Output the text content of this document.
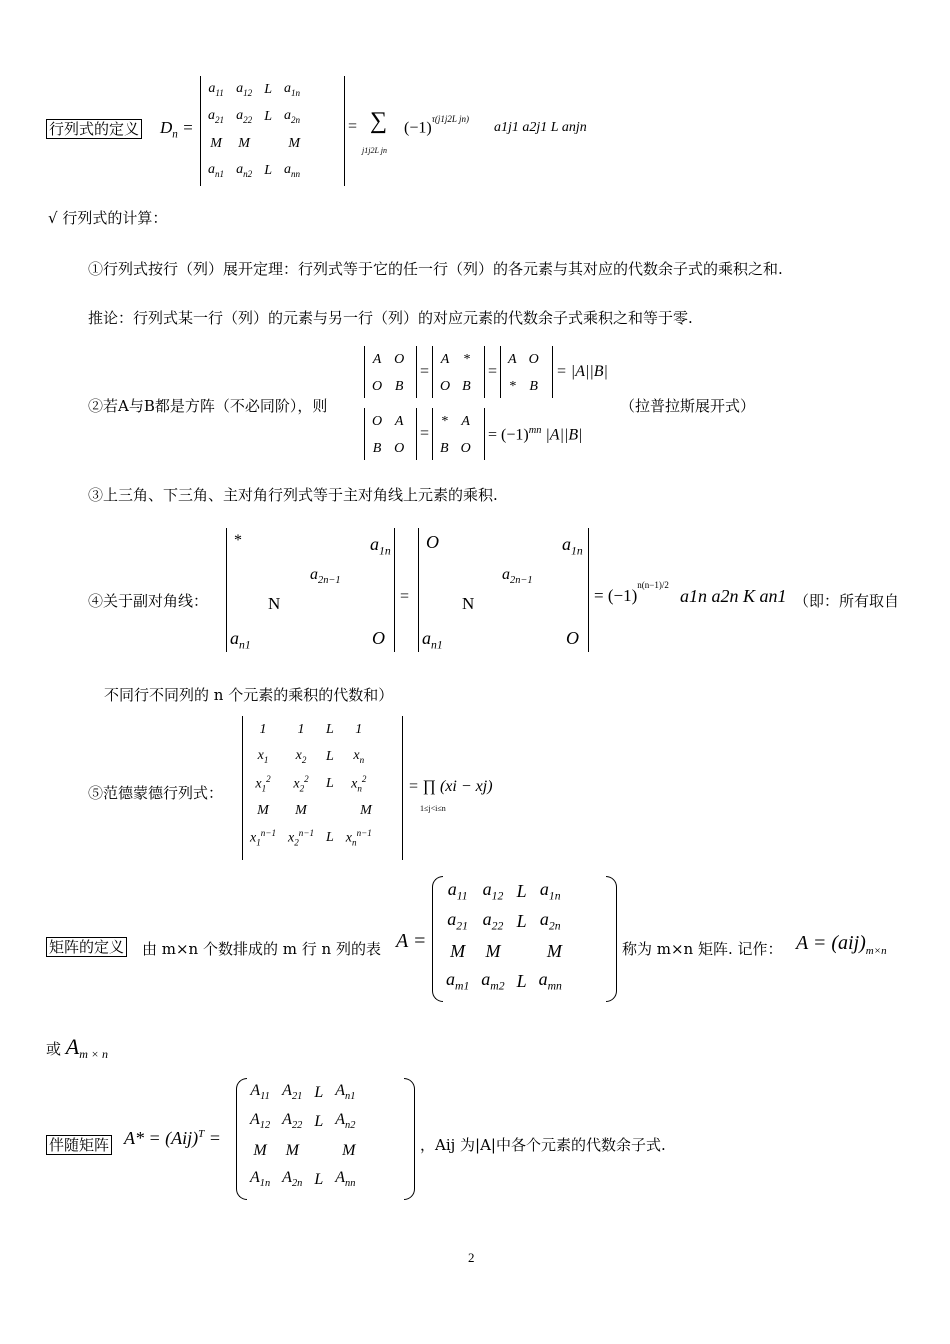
行列式的定义 $D_n$ =
$a_{11}$	$a_{12}$	L	$a_{1n}$
$a_{21}$	$a_{22}$	L	$a_{2n}$
M	M		M
$a_{n1}$	$a_{n2}$	L	$a_{nn}$
= ∑
j1j2L jn
$(-1)^{\tau(j1j2L jn)}$
a1j1 a2j1 L anjn
√ 行列式的计算：
①行列式按行（列）展开定理：行列式等于它的任一行（列）的各元素与其对应的代数余子式的乘积之和.
推论：行列式某一行（列）的元素与另一行（列）的对应元素的代数余子式乘积之和等于零.
②若A与B都是方阵（不必同阶），则
A	O
O	B
=
A	*
O	B
=
A	O
*	B
= |A||B|
O	A
B	O
=
*	A
B	O
= $(-1)^{mn}$ |A||B|
（拉普拉斯展开式）
③上三角、下三角、主对角行列式等于主对角线上元素的乘积.
④关于副对角线：
*	$a_{1n}$
$a_{2n-1}$
N
$a_{n1}$	O
=
O	$a_{1n}$
$a_{2n-1}$
N
$a_{n1}$	O
= $(-1)^{n(n-1)/2}$
a1n a2n K an1 （即：所有取自
不同行不同列的 n 个元素的乘积的代数和）
⑤范德蒙德行列式：
1	1	L	1
$x_1$	$x_2$	L	$x_n$
$x_1^2$	$x_2^2$	L	$x_n^2$
M	M		M
$x_1^{n-1}$	$x_2^{n-1}$	L	$x_n^{n-1}$
= ∏ (xi − xj)
1≤j<i≤n
矩阵的定义 由 m×n 个数排成的 m 行 n 列的表 A =
$a_{11}$	$a_{12}$	L	$a_{1n}$
$a_{21}$	$a_{22}$	L	$a_{2n}$
M	M		M
$a_{m1}$	$a_{m2}$	L	$a_{mn}$
称为 m×n 矩阵. 记作： $A = (aij)_{m\times n}$
或 $A_{m \times n}$
伴随矩阵 A* = (Aij)$^T$ =
$A_{11}$	$A_{21}$	L	$A_{n1}$
$A_{12}$	$A_{22}$	L	$A_{n2}$
M	M		M
$A_{1n}$	$A_{2n}$	L	$A_{nn}$
，Aij 为|A|中各个元素的代数余子式.
2
